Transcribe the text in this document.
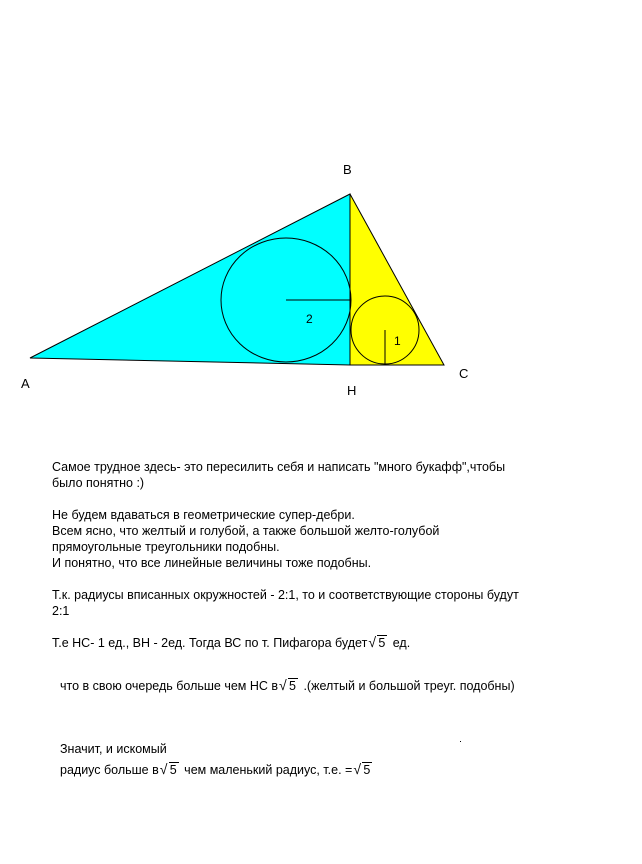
B
A
C
H
2
1
Самое трудное здесь- это пересилить себя и написать "много букафф",чтобы
было понятно :)
Не будем вдаваться в геометрические супер-дебри.
Всем ясно, что желтый и голубой, а также большой желто-голубой
прямоугольные треугольники подобны.
И понятно, что все линейные величины тоже подобны.
Т.к. радиусы вписанных окружностей - 2:1, то и соответствующие стороны будут
2:1
Т.е НС- 1 ед., ВН - 2ед. Тогда ВС по т. Пифагора будет √ 5 ед.
что в свою очередь больше чем НС в √ 5 .(желтый и большой треуг. подобны)
Значит, и искомый
радиус больше в √ 5 чем маленький радиус, т.е. = √ 5
